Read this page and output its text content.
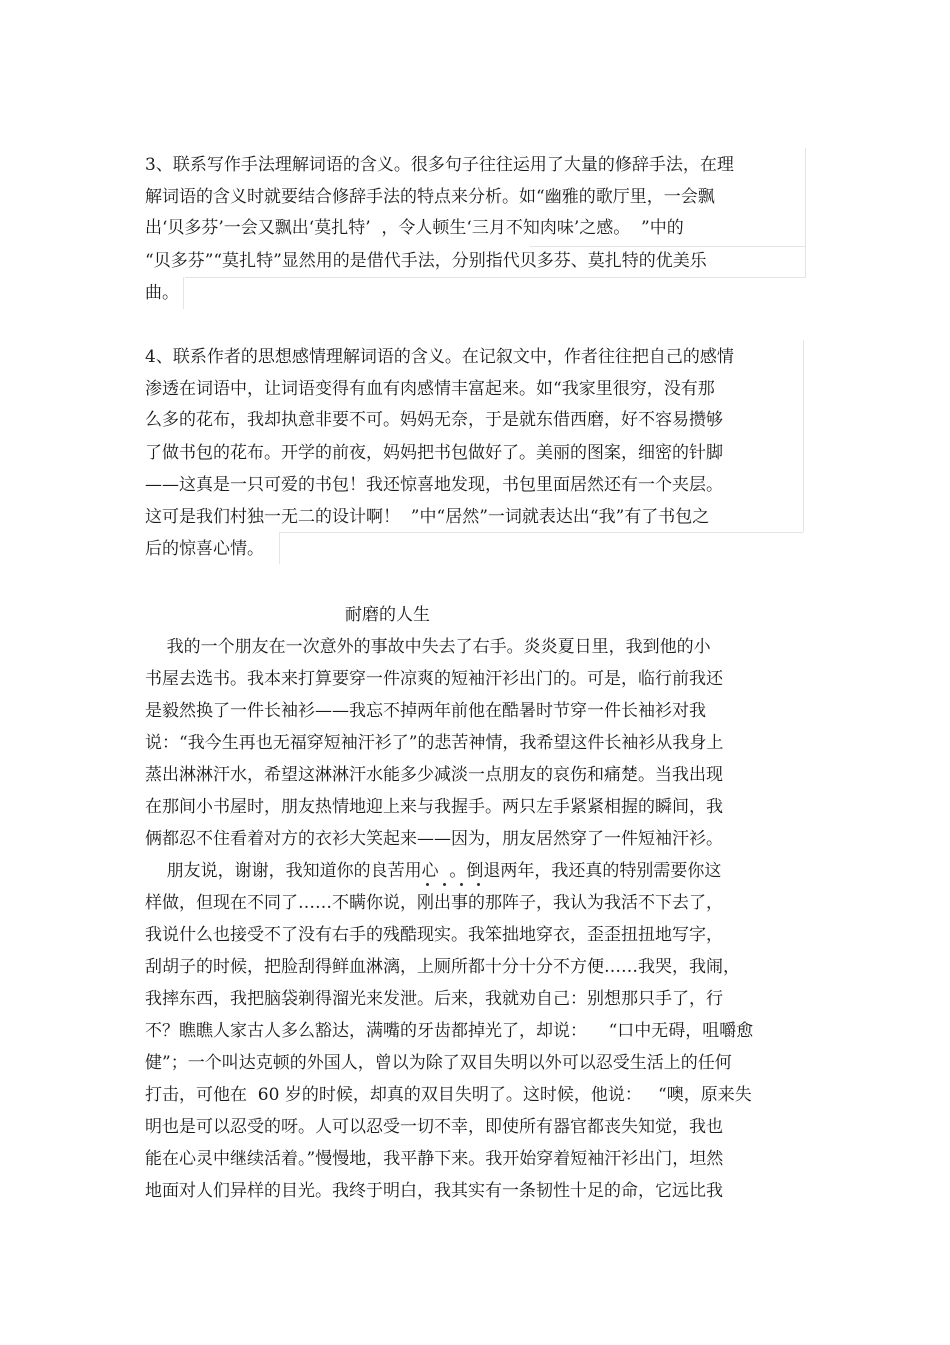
3、联系写作手法理解词语的含义。很多句子往往运用了大量的修辞手法，在理
解词语的含义时就要结合修辞手法的特点来分析。如“幽雅的歌厅里，一会飘
出‘贝多芬’一会又飘出‘莫扎特’  ，令人顿生‘三月不知肉味’之感。  ”中的
“贝多芬”“莫扎特”显然用的是借代手法，分别指代贝多芬、莫扎特的优美乐
曲。
4、联系作者的思想感情理解词语的含义。在记叙文中，作者往往把自己的感情
渗透在词语中，让词语变得有血有肉感情丰富起来。如“我家里很穷，没有那
么多的花布，我却执意非要不可。妈妈无奈，于是就东借西磨，好不容易攒够
了做书包的花布。开学的前夜，妈妈把书包做好了。美丽的图案，细密的针脚
——这真是一只可爱的书包！我还惊喜地发现，书包里面居然还有一个夹层。
这可是我们村独一无二的设计啊！  ”中“居然”一词就表达出“我”有了书包之
后的惊喜心情。
耐磨的人生
我的一个朋友在一次意外的事故中失去了右手。炎炎夏日里，我到他的小
书屋去选书。我本来打算要穿一件凉爽的短袖汗衫出门的。可是，临行前我还
是毅然换了一件长袖衫——我忘不掉两年前他在酷暑时节穿一件长袖衫对我
说：“我今生再也无福穿短袖汗衫了”的悲苦神情，我希望这件长袖衫从我身上
蒸出淋淋汗水，希望这淋淋汗水能多少减淡一点朋友的哀伤和痛楚。当我出现
在那间小书屋时，朋友热情地迎上来与我握手。两只左手紧紧相握的瞬间，我
俩都忍不住看着对方的衣衫大笑起来——因为，朋友居然穿了一件短袖汗衫。
朋友说，谢谢，我知道你的良苦用心  。倒退两年，我还真的特别需要你这
样做，但现在不同了……不瞒你说，刚出事的那阵子，我认为我活不下去了，
我说什么也接受不了没有右手的残酷现实。我笨拙地穿衣，歪歪扭扭地写字，
刮胡子的时候，把脸刮得鲜血淋漓，上厕所都十分十分不方便……我哭，我闹，
我摔东西，我把脑袋剃得溜光来发泄。后来，我就劝自己：别想那只手了，行
不？瞧瞧人家古人多么豁达，满嘴的牙齿都掉光了，却说：    “口中无碍，咀嚼愈
健”；一个叫达克顿的外国人，曾以为除了双目失明以外可以忍受生活上的任何
打击，可他在  60 岁的时候，却真的双目失明了。这时候，他说：   “噢，原来失
明也是可以忍受的呀。人可以忍受一切不幸，即使所有器官都丧失知觉，我也
能在心灵中继续活着。”慢慢地，我平静下来。我开始穿着短袖汗衫出门，坦然
地面对人们异样的目光。我终于明白，我其实有一条韧性十足的命，它远比我
